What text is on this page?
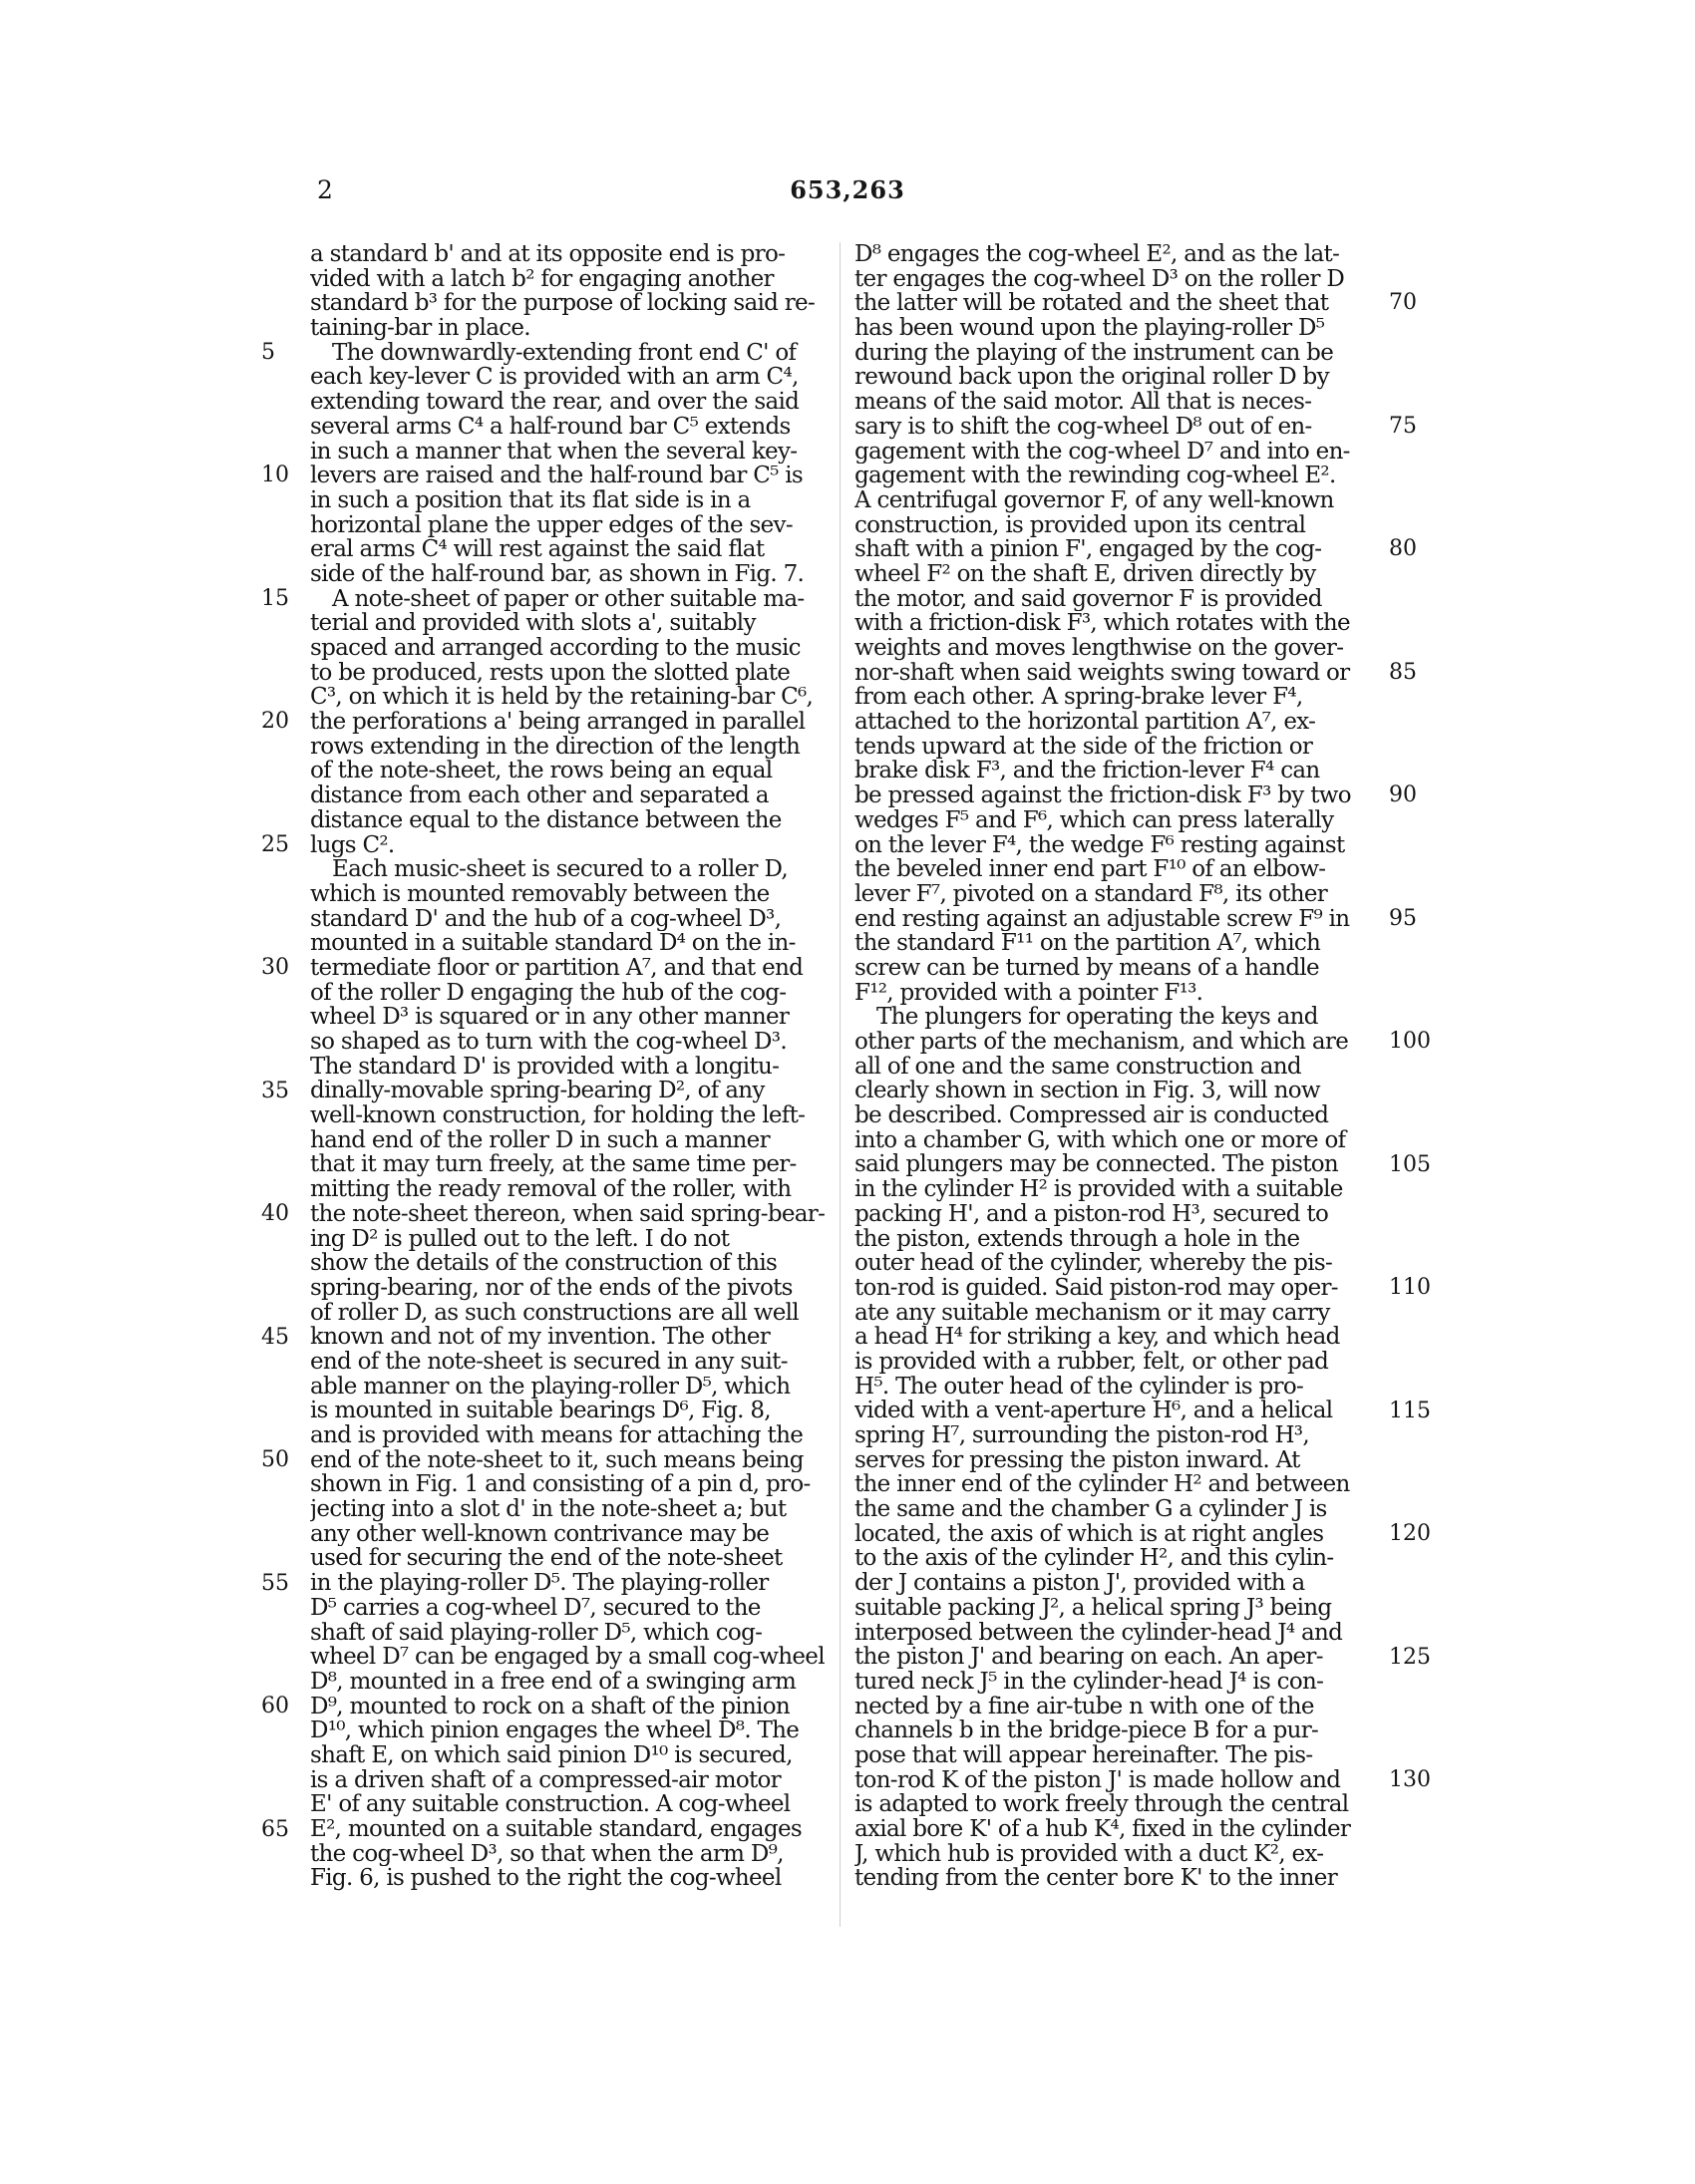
2	653,263
a standard b' and at its opposite end is pro-
vided with a latch b² for engaging another
standard b³ for the purpose of locking said re-
taining-bar in place.
The downwardly-extending front end C' of
each key-lever C is provided with an arm C⁴,
extending toward the rear, and over the said
several arms C⁴ a half-round bar C⁵ extends
in such a manner that when the several key-
levers are raised and the half-round bar C⁵ is
in such a position that its flat side is in a
horizontal plane the upper edges of the sev-
eral arms C⁴ will rest against the said flat
side of the half-round bar, as shown in Fig. 7.
A note-sheet of paper or other suitable ma-
terial and provided with slots a', suitably
spaced and arranged according to the music
to be produced, rests upon the slotted plate
C³, on which it is held by the retaining-bar C⁶,
the perforations a' being arranged in parallel
rows extending in the direction of the length
of the note-sheet, the rows being an equal
distance from each other and separated a
distance equal to the distance between the
lugs C².
Each music-sheet is secured to a roller D,
which is mounted removably between the
standard D' and the hub of a cog-wheel D³,
mounted in a suitable standard D⁴ on the in-
termediate floor or partition A⁷, and that end
of the roller D engaging the hub of the cog-
wheel D³ is squared or in any other manner
so shaped as to turn with the cog-wheel D³.
The standard D' is provided with a longitu-
dinally-movable spring-bearing D², of any
well-known construction, for holding the left-
hand end of the roller D in such a manner
that it may turn freely, at the same time per-
mitting the ready removal of the roller, with
the note-sheet thereon, when said spring-bear-
ing D² is pulled out to the left. I do not
show the details of the construction of this
spring-bearing, nor of the ends of the pivots
of roller D, as such constructions are all well
known and not of my invention. The other
end of the note-sheet is secured in any suit-
able manner on the playing-roller D⁵, which
is mounted in suitable bearings D⁶, Fig. 8,
and is provided with means for attaching the
end of the note-sheet to it, such means being
shown in Fig. 1 and consisting of a pin d, pro-
jecting into a slot d' in the note-sheet a; but
any other well-known contrivance may be
used for securing the end of the note-sheet
in the playing-roller D⁵. The playing-roller
D⁵ carries a cog-wheel D⁷, secured to the
shaft of said playing-roller D⁵, which cog-
wheel D⁷ can be engaged by a small cog-wheel
D⁸, mounted in a free end of a swinging arm
D⁹, mounted to rock on a shaft of the pinion
D¹⁰, which pinion engages the wheel D⁸. The
shaft E, on which said pinion D¹⁰ is secured,
is a driven shaft of a compressed-air motor
E' of any suitable construction. A cog-wheel
E², mounted on a suitable standard, engages
the cog-wheel D³, so that when the arm D⁹,
Fig. 6, is pushed to the right the cog-wheel
D⁸ engages the cog-wheel E², and as the lat-
ter engages the cog-wheel D³ on the roller D
the latter will be rotated and the sheet that
has been wound upon the playing-roller D⁵
during the playing of the instrument can be
rewound back upon the original roller D by
means of the said motor. All that is neces-
sary is to shift the cog-wheel D⁸ out of en-
gagement with the cog-wheel D⁷ and into en-
gagement with the rewinding cog-wheel E².
A centrifugal governor F, of any well-known
construction, is provided upon its central
shaft with a pinion F', engaged by the cog-
wheel F² on the shaft E, driven directly by
the motor, and said governor F is provided
with a friction-disk F³, which rotates with the
weights and moves lengthwise on the gover-
nor-shaft when said weights swing toward or
from each other. A spring-brake lever F⁴,
attached to the horizontal partition A⁷, ex-
tends upward at the side of the friction or
brake disk F³, and the friction-lever F⁴ can
be pressed against the friction-disk F³ by two
wedges F⁵ and F⁶, which can press laterally
on the lever F⁴, the wedge F⁶ resting against
the beveled inner end part F¹⁰ of an elbow-
lever F⁷, pivoted on a standard F⁸, its other
end resting against an adjustable screw F⁹ in
the standard F¹¹ on the partition A⁷, which
screw can be turned by means of a handle
F¹², provided with a pointer F¹³.
The plungers for operating the keys and
other parts of the mechanism, and which are
all of one and the same construction and
clearly shown in section in Fig. 3, will now
be described. Compressed air is conducted
into a chamber G, with which one or more of
said plungers may be connected. The piston
in the cylinder H² is provided with a suitable
packing H', and a piston-rod H³, secured to
the piston, extends through a hole in the
outer head of the cylinder, whereby the pis-
ton-rod is guided. Said piston-rod may oper-
ate any suitable mechanism or it may carry
a head H⁴ for striking a key, and which head
is provided with a rubber, felt, or other pad
H⁵. The outer head of the cylinder is pro-
vided with a vent-aperture H⁶, and a helical
spring H⁷, surrounding the piston-rod H³,
serves for pressing the piston inward. At
the inner end of the cylinder H² and between
the same and the chamber G a cylinder J is
located, the axis of which is at right angles
to the axis of the cylinder H², and this cylin-
der J contains a piston J', provided with a
suitable packing J², a helical spring J³ being
interposed between the cylinder-head J⁴ and
the piston J' and bearing on each. An aper-
tured neck J⁵ in the cylinder-head J⁴ is con-
nected by a fine air-tube n with one of the
channels b in the bridge-piece B for a pur-
pose that will appear hereinafter. The pis-
ton-rod K of the piston J' is made hollow and
is adapted to work freely through the central
axial bore K' of a hub K⁴, fixed in the cylinder
J, which hub is provided with a duct K², ex-
tending from the center bore K' to the inner
5
10
15
20
25
30
35
40
45
50
55
60
65
70
75
80
85
90
95
100
105
110
115
120
125
130
